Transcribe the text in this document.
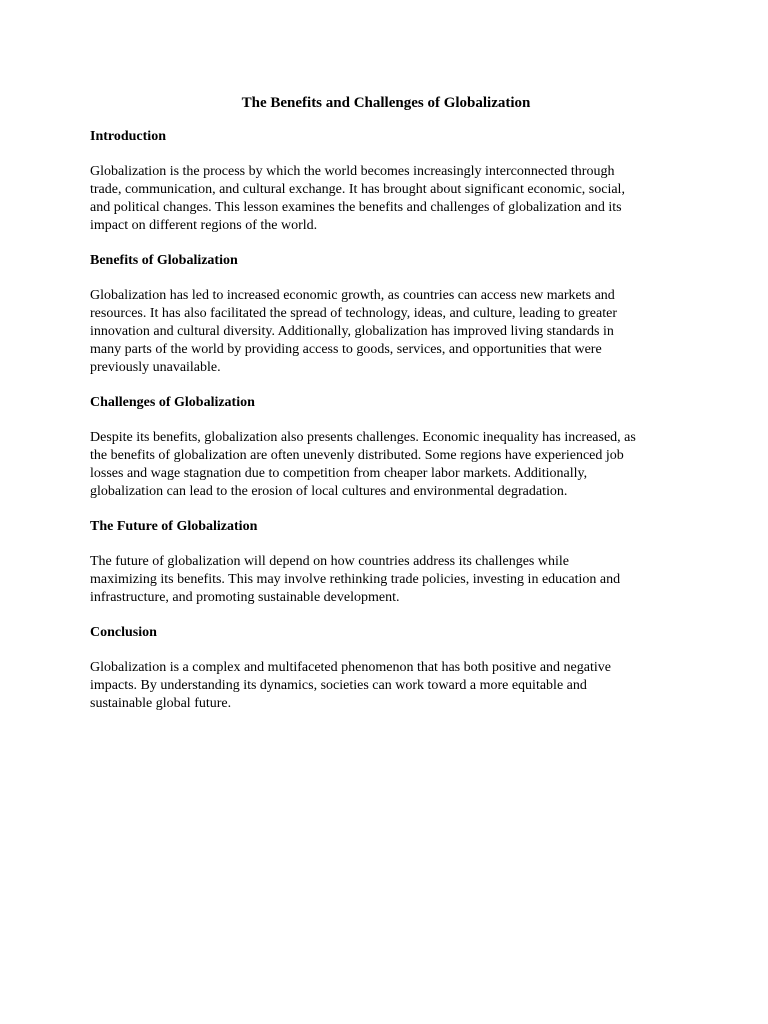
The Benefits and Challenges of Globalization
Introduction
Globalization is the process by which the world becomes increasingly interconnected through
trade, communication, and cultural exchange. It has brought about significant economic, social,
and political changes. This lesson examines the benefits and challenges of globalization and its
impact on different regions of the world.
Benefits of Globalization
Globalization has led to increased economic growth, as countries can access new markets and
resources. It has also facilitated the spread of technology, ideas, and culture, leading to greater
innovation and cultural diversity. Additionally, globalization has improved living standards in
many parts of the world by providing access to goods, services, and opportunities that were
previously unavailable.
Challenges of Globalization
Despite its benefits, globalization also presents challenges. Economic inequality has increased, as
the benefits of globalization are often unevenly distributed. Some regions have experienced job
losses and wage stagnation due to competition from cheaper labor markets. Additionally,
globalization can lead to the erosion of local cultures and environmental degradation.
The Future of Globalization
The future of globalization will depend on how countries address its challenges while
maximizing its benefits. This may involve rethinking trade policies, investing in education and
infrastructure, and promoting sustainable development.
Conclusion
Globalization is a complex and multifaceted phenomenon that has both positive and negative
impacts. By understanding its dynamics, societies can work toward a more equitable and
sustainable global future.
